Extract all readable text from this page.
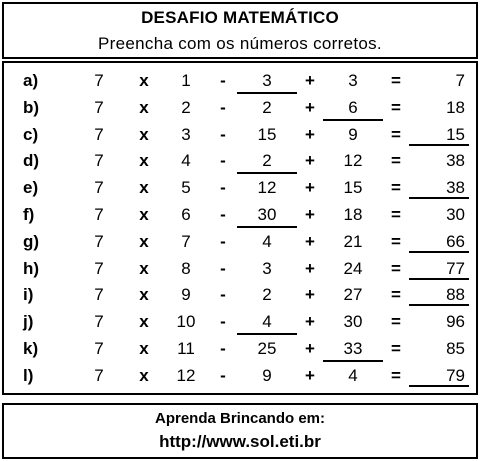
DESAFIO MATEMÁTICO
Preencha com os números corretos.
a)	7	x	1	-	3	+	3	=	7
b)	7	x	2	-	2	+	6	=	18
c)	7	x	3	-	15	+	9	=	15
d)	7	x	4	-	2	+	12	=	38
e)	7	x	5	-	12	+	15	=	38
f)	7	x	6	-	30	+	18	=	30
g)	7	x	7	-	4	+	21	=	66
h)	7	x	8	-	3	+	24	=	77
i)	7	x	9	-	2	+	27	=	88
j)	7	x	10	-	4	+	30	=	96
k)	7	x	11	-	25	+	33	=	85
l)	7	x	12	-	9	+	4	=	79
Aprenda Brincando em:
http://www.sol.eti.br
